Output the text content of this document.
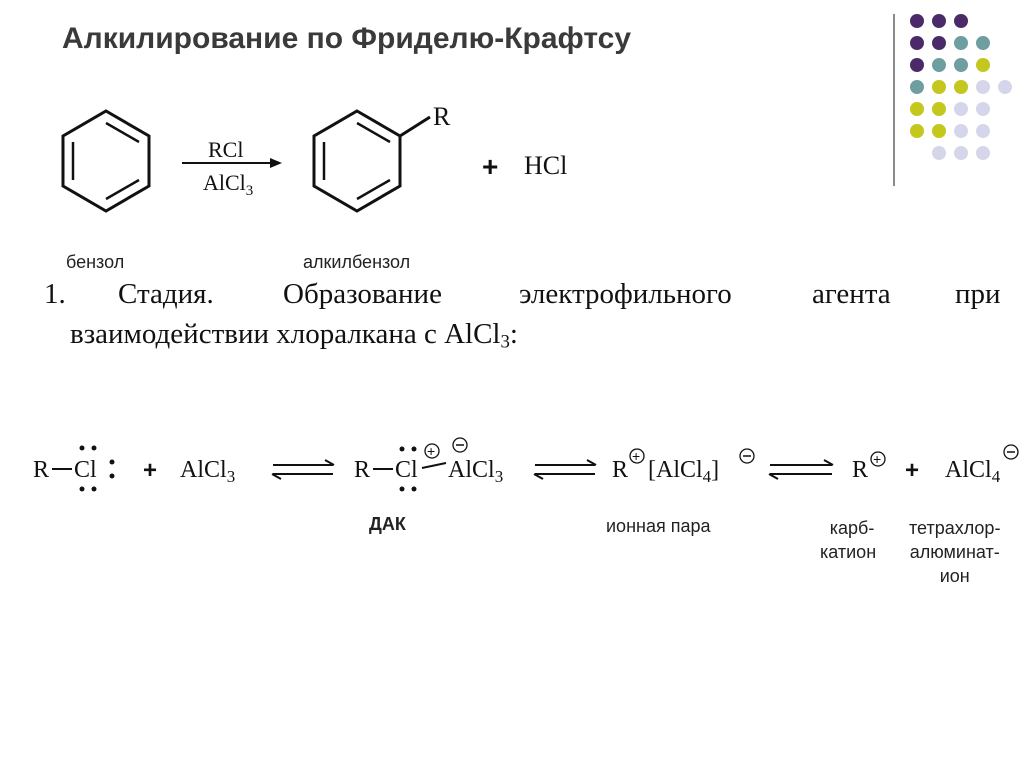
Алкилирование по Фриделю-Крафтсу
RCl
AlCl$_3$
R
+ HCl
бензол	алкилбензол
1. Стадия. Образование	электрофильного	агента при
взаимодействии хлоралкана с AlCl$_3$:
R Cl + AlCl$_3$	R Cl
+
AlCl$_3$	R
+
[AlCl$_4$]	R + + AlCl$_4$
ДАК	ионная пара	карб-
катион
тетрахлор-
алюминат-
ион
